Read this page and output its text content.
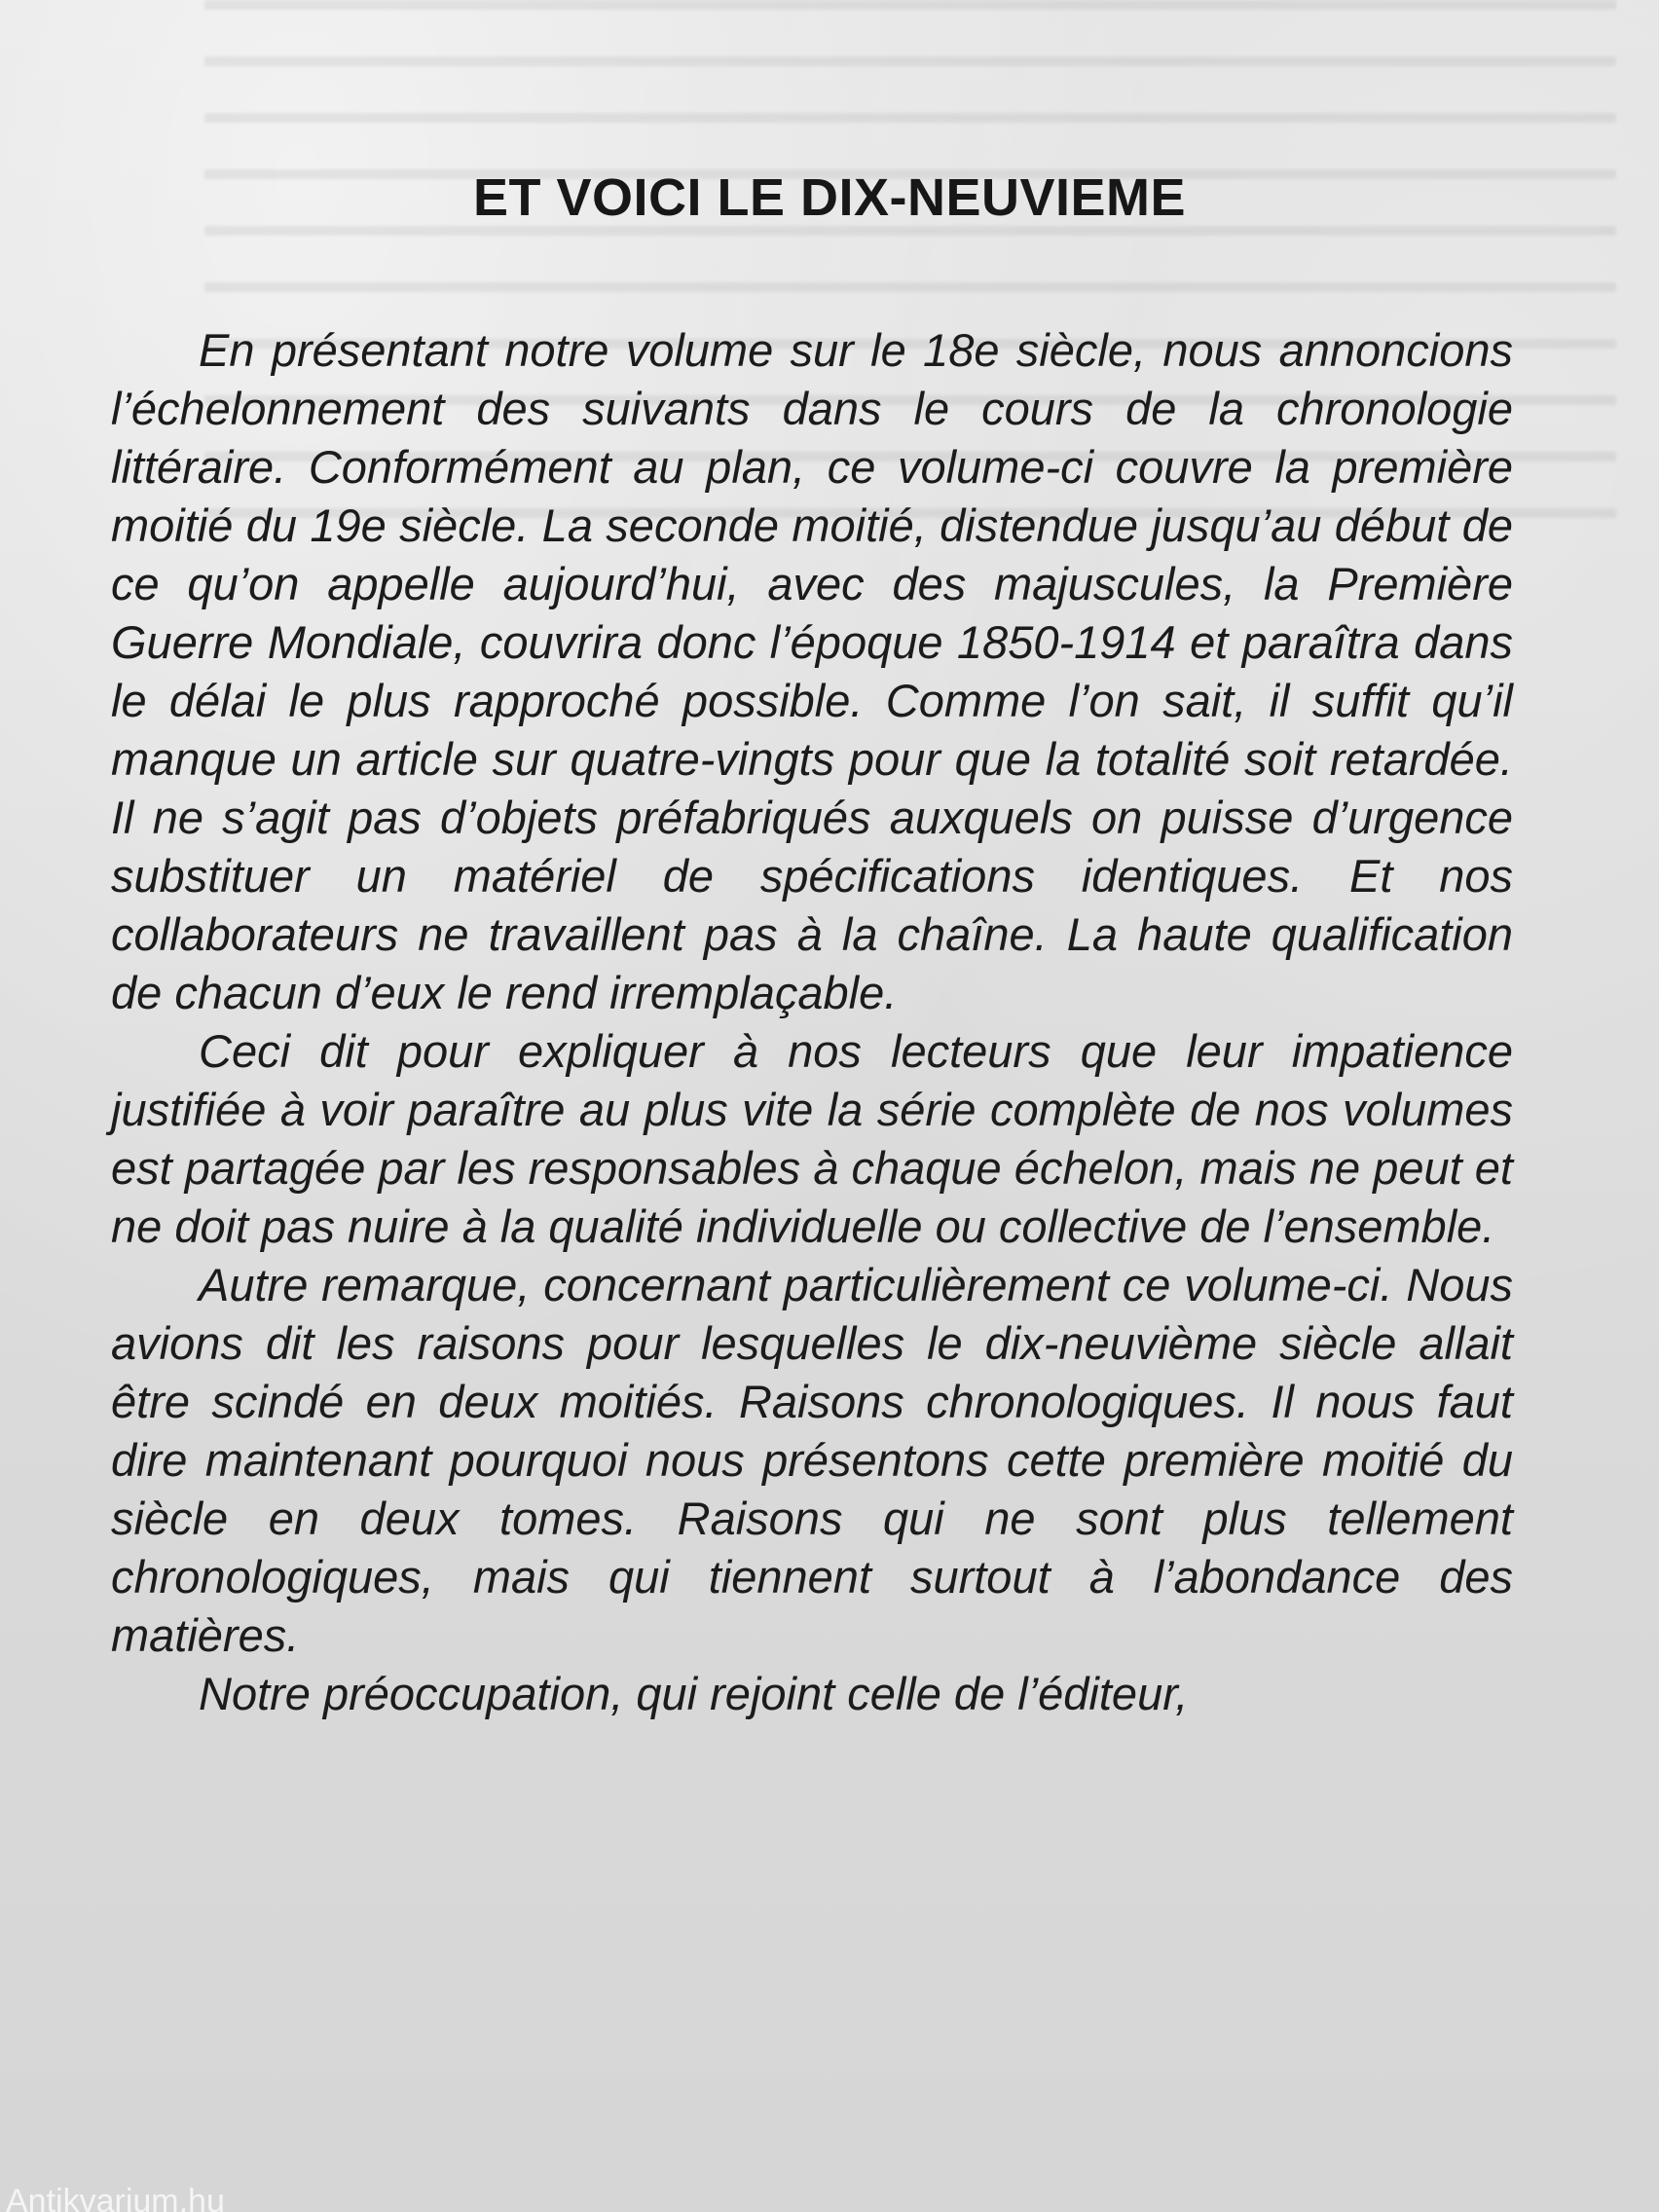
ET VOICI LE DIX-NEUVIEME

En présentant notre volume sur le 18e siècle, nous annoncions l’échelonnement des suivants dans le cours de la chronologie littéraire. Conformément au plan, ce volume-ci couvre la première moitié du 19e siècle. La seconde moitié, distendue jusqu’au début de ce qu’on appelle aujourd’hui, avec des majuscules, la Première Guerre Mondiale, couvrira donc l’époque 1850-1914 et paraîtra dans le délai le plus rapproché possible. Comme l’on sait, il suffit qu’il manque un article sur quatre-vingts pour que la totalité soit retardée. Il ne s’agit pas d’objets préfabriqués auxquels on puisse d’urgence substituer un matériel de spécifications identiques. Et nos collaborateurs ne travaillent pas à la chaîne. La haute qualification de chacun d’eux le rend irremplaçable.

Ceci dit pour expliquer à nos lecteurs que leur impatience justifiée à voir paraître au plus vite la série complète de nos volumes est partagée par les responsables à chaque échelon, mais ne peut et ne doit pas nuire à la qualité individuelle ou collective de l’ensemble.

Autre remarque, concernant particulièrement ce volume-ci. Nous avions dit les raisons pour lesquelles le dix-neuvième siècle allait être scindé en deux moitiés. Raisons chronologiques. Il nous faut dire maintenant pourquoi nous présentons cette première moitié du siècle en deux tomes. Raisons qui ne sont plus tellement chronologiques, mais qui tiennent surtout à l’abondance des matières.

Notre préoccupation, qui rejoint celle de l’éditeur,

Antikvarium.hu
